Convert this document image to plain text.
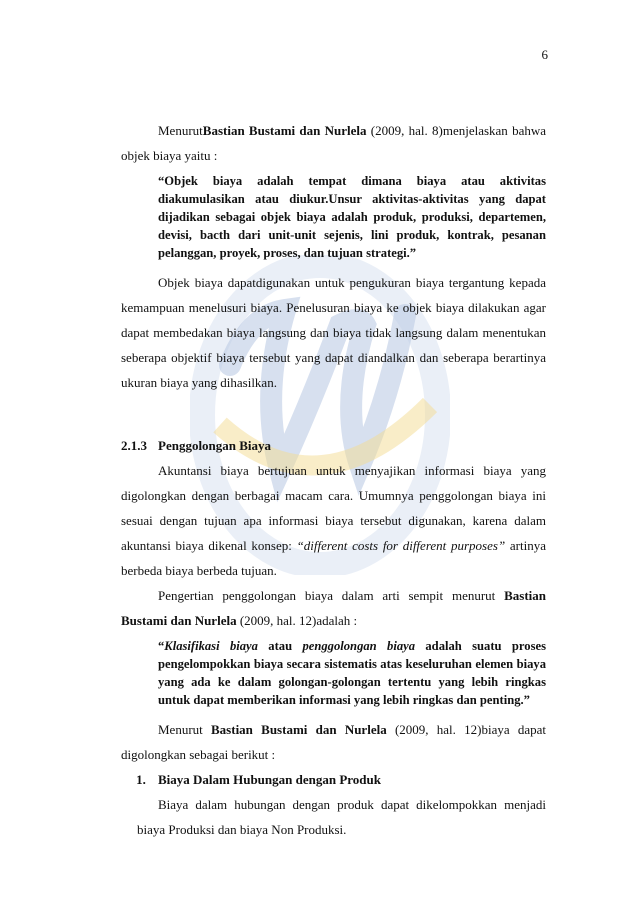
6

MenurutBastian Bustami dan Nurlela (2009, hal. 8)menjelaskan bahwa objek biaya yaitu :

“Objek biaya adalah tempat dimana biaya atau aktivitas diakumulasikan atau diukur.Unsur aktivitas-aktivitas yang dapat dijadikan sebagai objek biaya adalah produk, produksi, departemen, devisi, bacth dari unit-unit sejenis, lini produk, kontrak, pesanan pelanggan, proyek, proses, dan tujuan strategi.”

Objek biaya dapatdigunakan untuk pengukuran biaya tergantung kepada kemampuan menelusuri biaya. Penelusuran biaya ke objek biaya dilakukan agar dapat membedakan biaya langsung dan biaya tidak langsung dalam menentukan seberapa objektif biaya tersebut yang dapat diandalkan dan seberapa berartinya ukuran biaya yang dihasilkan.

2.1.3 Penggolongan Biaya

Akuntansi biaya bertujuan untuk menyajikan informasi biaya yang digolongkan dengan berbagai macam cara. Umumnya penggolongan biaya ini sesuai dengan tujuan apa informasi biaya tersebut digunakan, karena dalam akuntansi biaya dikenal konsep: “different costs for different purposes” artinya berbeda biaya berbeda tujuan.

Pengertian penggolongan biaya dalam arti sempit menurut Bastian Bustami dan Nurlela (2009, hal. 12)adalah :

“Klasifikasi biaya atau penggolongan biaya adalah suatu proses pengelompokkan biaya secara sistematis atas keseluruhan elemen biaya yang ada ke dalam golongan-golongan tertentu yang lebih ringkas untuk dapat memberikan informasi yang lebih ringkas dan penting.”

Menurut Bastian Bustami dan Nurlela (2009, hal. 12)biaya dapat digolongkan sebagai berikut :

1. Biaya Dalam Hubungan dengan Produk

Biaya dalam hubungan dengan produk dapat dikelompokkan menjadi biaya Produksi dan biaya Non Produksi.
